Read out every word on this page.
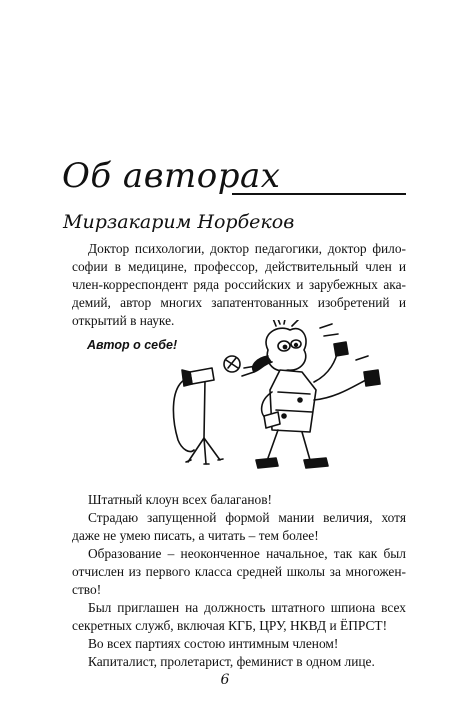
Об авторах
Мирзакарим Норбеков

Доктор психологии, доктор педагогики, доктор фило-софии в медицине, профессор, действительный член и член-корреспондент ряда российских и зарубежных ака-демий, автор многих запатентованных изобретений и открытий в науке.

Автор о себе!

Штатный клоун всех балаганов!

Страдаю запущенной формой мании величия, хотя даже не умею писать, а читать – тем более!

Образование – неоконченное начальное, так как был отчислен из первого класса средней школы за многожен-ство!

Был приглашен на должность штатного шпиона всех секретных служб, включая КГБ, ЦРУ, НКВД и ЁПРСТ!

Во всех партиях состою интимным членом!

Капиталист, пролетарист, феминист в одном лице.

6
